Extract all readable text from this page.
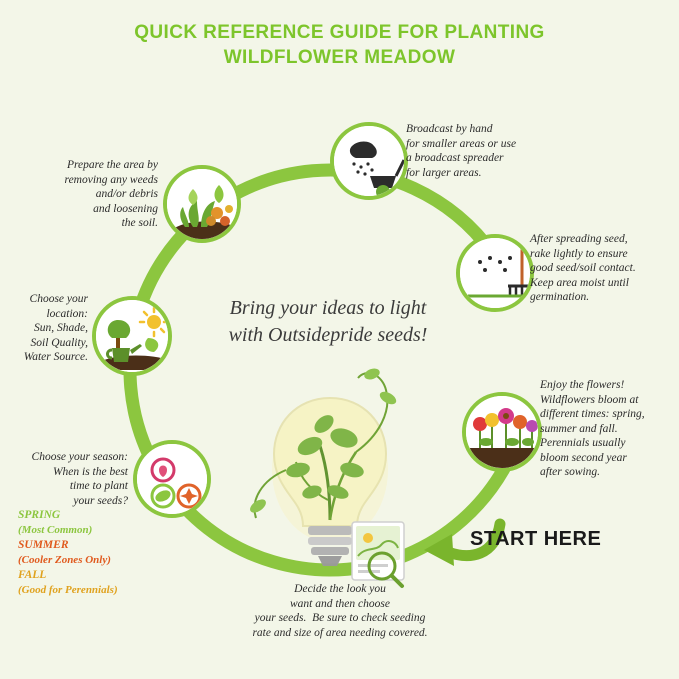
QUICK REFERENCE GUIDE FOR PLANTING
WILDFLOWER MEADOW
Prepare the area by
removing any weeds
and/or debris
and loosening
the soil.
Broadcast by hand
for smaller areas or use
a broadcast spreader
for larger areas.
After spreading seed,
rake lightly to ensure
good seed/soil contact.
Keep area moist until
germination.
Enjoy the flowers!
Wildflowers bloom at
different times: spring,
summer and fall.
Perennials usually
bloom second year
after sowing.
Decide the look you
want and then choose
your seeds.  Be sure to check seeding
rate and size of area needing covered.
Choose your season:
When is the best
time to plant
your seeds?
SPRING
(Most Common)
SUMMER
(Cooler Zones Only)
FALL
(Good for Perennials)
Choose your
location:
Sun, Shade,
Soil Quality,
Water Source.
Bring your ideas to light
with Outsidepride seeds!
START HERE
